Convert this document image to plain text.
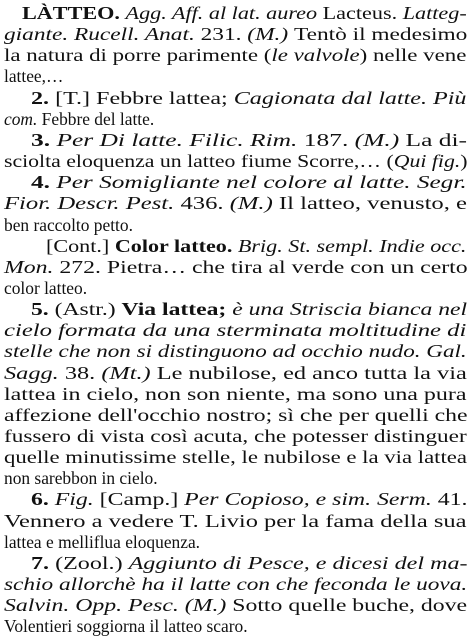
LÀTTEO. Agg. Aff. al lat. aureo Lacteus. Latteg-
giante. Rucell. Anat. 231. (M.) Tentò il medesimo
la natura di porre parimente (le valvole) nelle vene
lattee,…
2. [T.] Febbre lattea; Cagionata dal latte. Più
com. Febbre del latte.
3. Per Di latte. Filic. Rim. 187. (M.) La di-
sciolta eloquenza un latteo fiume Scorre,… (Qui fig.)
4. Per Somigliante nel colore al latte. Segr.
Fior. Descr. Pest. 436. (M.) Il latteo, venusto, e
ben raccolto petto.
[Cont.] Color latteo. Brig. St. sempl. Indie occ.
Mon. 272. Pietra… che tira al verde con un certo
color latteo.
5. (Astr.) Via lattea; è una Striscia bianca nel
cielo formata da una sterminata moltitudine di
stelle che non si distinguono ad occhio nudo. Gal.
Sagg. 38. (Mt.) Le nubilose, ed anco tutta la via
lattea in cielo, non son niente, ma sono una pura
affezione dell'occhio nostro; sì che per quelli che
fussero di vista così acuta, che potesser distinguer
quelle minutissime stelle, le nubilose e la via lattea
non sarebbon in cielo.
6. Fig. [Camp.] Per Copioso, e sim. Serm. 41.
Vennero a vedere T. Livio per la fama della sua
lattea e melliflua eloquenza.
7. (Zool.) Aggiunto di Pesce, e dicesi del ma-
schio allorchè ha il latte con che feconda le uova.
Salvin. Opp. Pesc. (M.) Sotto quelle buche, dove
Volentieri soggiorna il latteo scaro.
